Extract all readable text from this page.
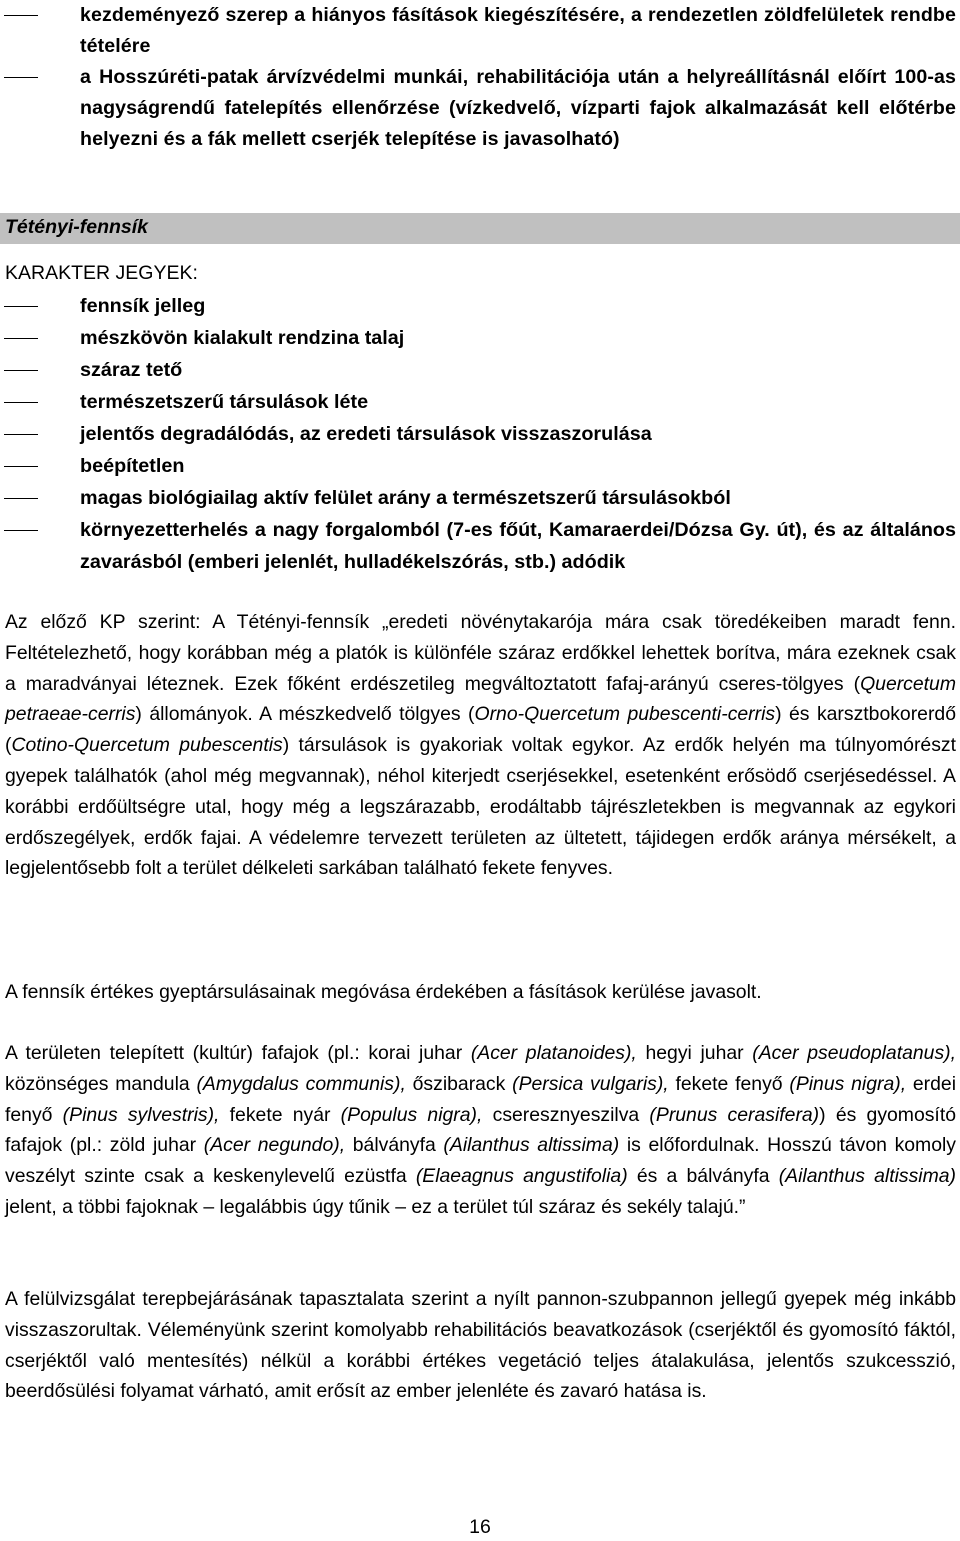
kezdeményező szerep a hiányos fásítások kiegészítésére, a rendezetlen zöldfelületek rendbe tételére
a Hosszúréti-patak árvízvédelmi munkái, rehabilitációja után a helyreállításnál előírt 100-as nagyságrendű fatelepítés ellenőrzése (vízkedvelő, vízparti fajok alkalmazását kell előtérbe helyezni és a fák mellett cserjék telepítése is javasolható)
Tétényi-fennsík
KARAKTER JEGYEK:
fennsík jelleg
mészkövön kialakult rendzina talaj
száraz tető
természetszerű társulások léte
jelentős degradálódás, az eredeti társulások visszaszorulása
beépítetlen
magas biológiailag aktív felület arány a természetszerű társulásokból
környezetterhelés a nagy forgalomból (7-es főút, Kamaraerdei/Dózsa Gy. út), és az általános zavarásból (emberi jelenlét, hulladékelszórás, stb.) adódik

Az előző KP szerint: A Tétényi-fennsík „eredeti növénytakarója mára csak töredékeiben maradt fenn. Feltételezhető, hogy korábban még a platók is különféle száraz erdőkkel lehettek borítva, mára ezeknek csak a maradványai léteznek. Ezek főként erdészetileg megváltoztatott fafaj-arányú cseres-tölgyes (Quercetum petraeae-cerris) állományok. A mészkedvelő tölgyes (Orno-Quercetum pubescenti-cerris) és karsztbokorerdő (Cotino-Quercetum pubescentis) társulások is gyakoriak voltak egykor. Az erdők helyén ma túlnyomórészt gyepek találhatók (ahol még megvannak), néhol kiterjedt cserjésekkel, esetenként erősödő cserjésedéssel. A korábbi erdőültségre utal, hogy még a legszárazabb, erodáltabb tájrészletekben is megvannak az egykori erdőszegélyek, erdők fajai. A védelemre tervezett területen az ültetett, tájidegen erdők aránya mérsékelt, a legjelentősebb folt a terület délkeleti sarkában található fekete fenyves.

A fennsík értékes gyeptársulásainak megóvása érdekében a fásítások kerülése javasolt.

A területen telepített (kultúr) fafajok (pl.: korai juhar (Acer platanoides), hegyi juhar (Acer pseudoplatanus), közönséges mandula (Amygdalus communis), őszibarack (Persica vulgaris), fekete fenyő (Pinus nigra), erdei fenyő (Pinus sylvestris), fekete nyár (Populus nigra), cseresznyeszilva (Prunus cerasifera)) és gyomosító fafajok (pl.: zöld juhar (Acer negundo), bálványfa (Ailanthus altissima) is előfordulnak. Hosszú távon komoly veszélyt szinte csak a keskenylevelű ezüstfa (Elaeagnus angustifolia) és a bálványfa (Ailanthus altissima) jelent, a többi fajoknak – legalábbis úgy tűnik – ez a terület túl száraz és sekély talajú.”

A felülvizsgálat terepbejárásának tapasztalata szerint a nyílt pannon-szubpannon jellegű gyepek még inkább visszaszorultak. Véleményünk szerint komolyabb rehabilitációs beavatkozások (cserjéktől és gyomosító fáktól, cserjéktől való mentesítés) nélkül a korábbi értékes vegetáció teljes átalakulása, jelentős szukcesszió, beerdősülési folyamat várható, amit erősít az ember jelenléte és zavaró hatása is.

16
